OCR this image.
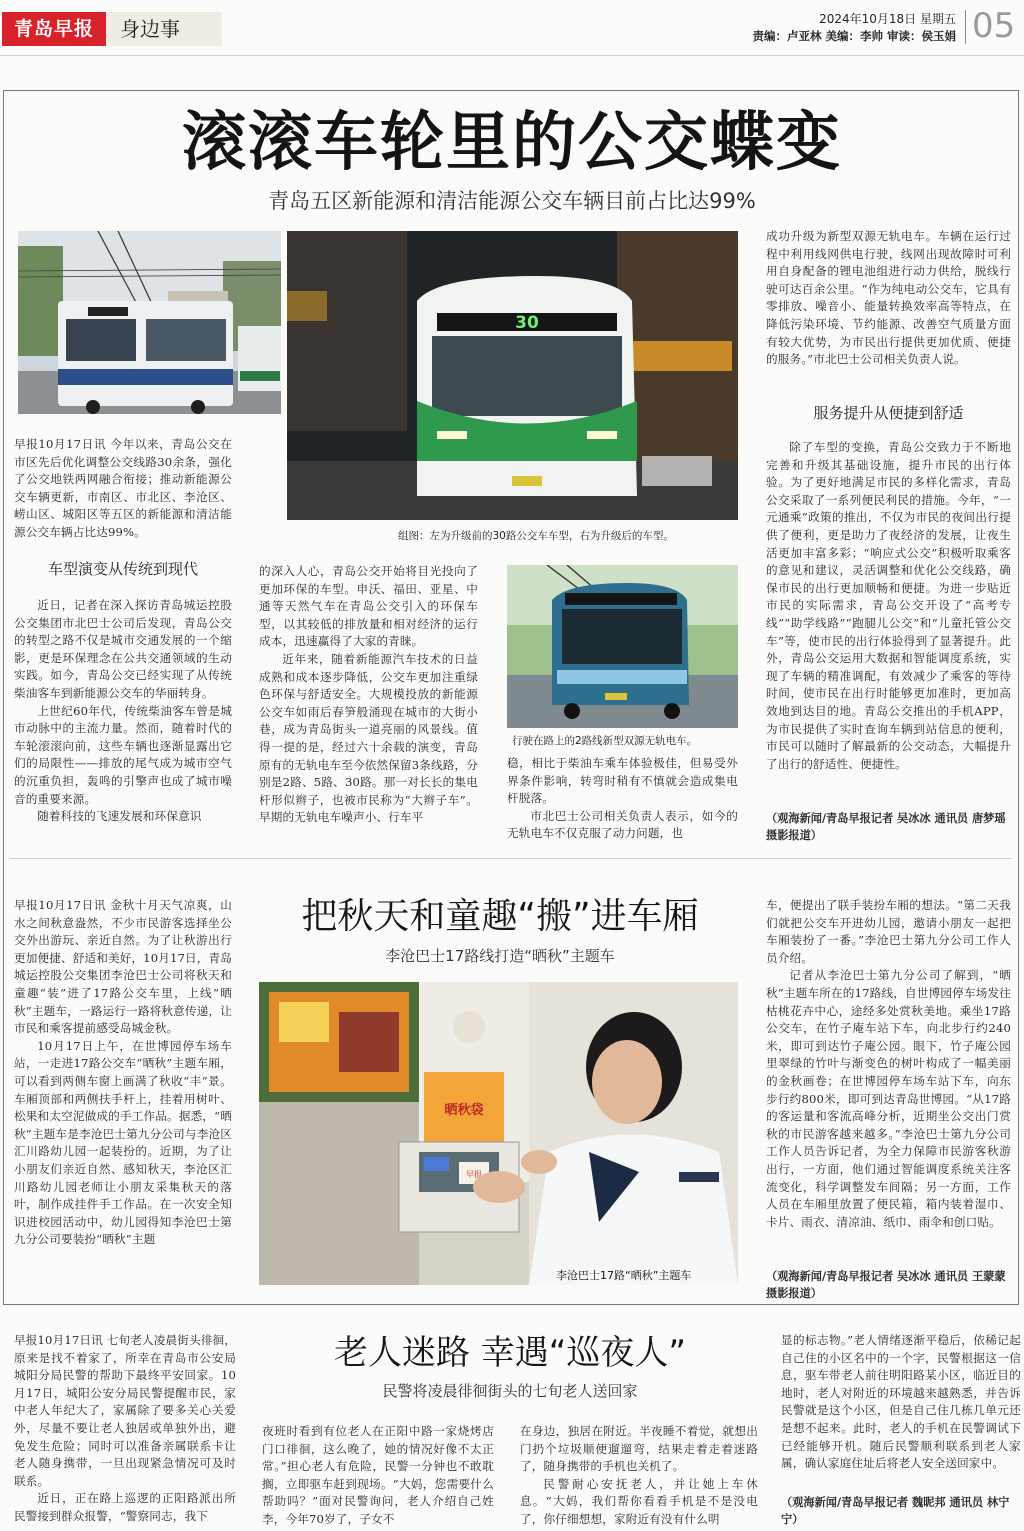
青岛早报	身边事	2024年10月18日 星期五
责编：卢亚林 美编：李帅 审读：侯玉娟 05
滚滚车轮里的公交蝶变
青岛五区新能源和清洁能源公交车辆目前占比达99%
30
组图：左为升级前的30路公交车车型，右为升级后的车型。

早报10月17日讯 今年以来，青岛公交在市区先后优化调整公交线路30余条，强化了公交地铁两网融合衔接；推动新能源公交车辆更新，市南区、市北区、李沧区、崂山区、城阳区等五区的新能源和清洁能源公交车辆占比达99%。

车型演变从传统到现代

近日，记者在深入探访青岛城运控股公交集团市北巴士公司后发现，青岛公交的转型之路不仅是城市交通发展的一个缩影，更是环保理念在公共交通领域的生动实践。如今，青岛公交已经实现了从传统柴油客车到新能源公交车的华丽转身。

上世纪60年代，传统柴油客车曾是城市动脉中的主流力量。然而，随着时代的车轮滚滚向前，这些车辆也逐渐显露出它们的局限性——排放的尾气成为城市空气的沉重负担，轰鸣的引擎声也成了城市噪音的重要来源。

随着科技的飞速发展和环保意识

的深入人心，青岛公交开始将目光投向了更加环保的车型。申沃、福田、亚星、中通等天然气车在青岛公交引入的环保车型，以其较低的排放量和相对经济的运行成本，迅速赢得了大家的青睐。

近年来，随着新能源汽车技术的日益成熟和成本逐步降低，公交车更加注重绿色环保与舒适安全。大规模投放的新能源公交车如雨后春笋般涌现在城市的大街小巷，成为青岛街头一道亮丽的风景线。值得一提的是，经过六十余载的演变，青岛原有的无轨电车至今依然保留3条线路，分别是2路、5路、30路。那一对长长的集电杆形似辫子，也被市民称为“大辫子车”。早期的无轨电车噪声小、行车平

行驶在路上的2路线新型双源无轨电车。

稳，相比于柴油车乘车体验极佳，但易受外界条件影响，转弯时稍有不慎就会造成集电杆脱落。

市北巴士公司相关负责人表示，如今的无轨电车不仅克服了动力问题，也

成功升级为新型双源无轨电车。车辆在运行过程中利用线网供电行驶，线网出现故障时可利用自身配备的锂电池组进行动力供给，脱线行驶可达百余公里。“作为纯电动公交车，它具有零排放、噪音小、能量转换效率高等特点，在降低污染环境、节约能源、改善空气质量方面有较大优势，为市民出行提供更加优质、便捷的服务。”市北巴士公司相关负责人说。

服务提升从便捷到舒适

除了车型的变换，青岛公交致力于不断地完善和升级其基础设施，提升市民的出行体验。为了更好地满足市民的多样化需求，青岛公交采取了一系列便民利民的措施。今年，“一元通乘”政策的推出，不仅为市民的夜间出行提供了便利，更是助力了夜经济的发展，让夜生活更加丰富多彩；“响应式公交”积极听取乘客的意见和建议，灵活调整和优化公交线路，确保市民的出行更加顺畅和便捷。为进一步贴近市民的实际需求，青岛公交开设了“高考专线”“助学线路”“跑腿儿公交”和“儿童托管公交车”等，使市民的出行体验得到了显著提升。此外，青岛公交运用大数据和智能调度系统，实现了车辆的精准调配，有效减少了乘客的等待时间，使市民在出行时能够更加准时，更加高效地到达目的地。青岛公交推出的手机APP，为市民提供了实时查询车辆到站信息的便利，市民可以随时了解最新的公交动态，大幅提升了出行的舒适性、便捷性。

（观海新闻/青岛早报记者 吴冰冰 通讯员 唐梦瑶 摄影报道）

早报10月17日讯 金秋十月天气凉爽，山水之间秋意盎然，不少市民游客选择坐公交外出游玩、亲近自然。为了让秋游出行更加便捷、舒适和美好，10月17日，青岛城运控股公交集团李沧巴士公司将秋天和童趣“装”进了17路公交车里，上线“晒秋”主题车，一路运行一路将秋意传递，让市民和乘客提前感受岛城金秋。

10月17日上午，在世博园停车场车站，一走进17路公交车“晒秋”主题车厢，可以看到两侧车窗上画满了秋收“丰”景。车厢顶部和两侧扶手杆上，挂着用树叶、松果和太空泥做成的手工作品。据悉，“晒秋”主题车是李沧巴士第九分公司与李沧区汇川路幼儿园一起装扮的。近期，为了让小朋友们亲近自然、感知秋天，李沧区汇川路幼儿园老师让小朋友采集秋天的落叶，制作成挂件手工作品。在一次安全知识进校园活动中，幼儿园得知李沧巴士第九分公司要装扮“晒秋”主题

把秋天和童趣“搬”进车厢
李沧巴士17路线打造“晒秋”主题车
晒秋袋
早报
李沧巴士17路“晒秋”主题车

车，便提出了联手装扮车厢的想法。“第二天我们就把公交车开进幼儿园，邀请小朋友一起把车厢装扮了一番。”李沧巴士第九分公司工作人员介绍。

记者从李沧巴士第九分公司了解到，“晒秋”主题车所在的17路线，自世博园停车场发往枯桃花卉中心，途经多处赏秋美地。乘坐17路公交车，在竹子庵车站下车，向北步行约240米，即可到达竹子庵公园。眼下，竹子庵公园里翠绿的竹叶与渐变色的树叶构成了一幅美丽的金秋画卷；在世博园停车场车站下车，向东步行约800米，即可到达青岛世博园。“从17路的客运量和客流高峰分析，近期坐公交出门赏秋的市民游客越来越多。”李沧巴士第九分公司工作人员告诉记者，为全力保障市民游客秋游出行，一方面，他们通过智能调度系统关注客流变化，科学调整发车间隔；另一方面，工作人员在车厢里放置了便民箱，箱内装着湿巾、卡片、雨衣、清凉油、纸巾、雨伞和创口贴。

（观海新闻/青岛早报记者 吴冰冰 通讯员 王蒙蒙 摄影报道）

早报10月17日讯 七旬老人凌晨街头徘徊，原来是找不着家了，所幸在青岛市公安局城阳分局民警的帮助下最终平安回家。10月17日，城阳公安分局民警提醒市民，家中老人年纪大了，家属除了要多关心关爱外，尽量不要让老人独居或单独外出，避免发生危险；同时可以准备亲属联系卡让老人随身携带，一旦出现紧急情况可及时联系。

近日，正在路上巡逻的正阳路派出所民警接到群众报警，“警察同志，我下

老人迷路 幸遇“巡夜人”
民警将凌晨徘徊街头的七旬老人送回家

夜班时看到有位老人在正阳中路一家烧烤店门口徘徊，这么晚了，她的情况好像不太正常。”担心老人有危险，民警一分钟也不敢耽搁，立即驱车赶到现场。“大妈，您需要什么帮助吗？”面对民警询问，老人介绍自己姓李，今年70岁了，子女不

在身边，独居在附近。半夜睡不着觉，就想出门扔个垃圾顺便遛遛弯，结果走着走着迷路了，随身携带的手机也关机了。

民警耐心安抚老人，并让她上车休息。“大妈，我们帮你看看手机是不是没电了，你仔细想想，家附近有没有什么明

显的标志物。”老人情绪逐渐平稳后，依稀记起自己住的小区名中的一个字，民警根据这一信息，驱车带老人前往明阳路某小区，临近目的地时，老人对附近的环境越来越熟悉，并告诉民警就是这个小区，但是自己住几栋几单元还是想不起来。此时，老人的手机在民警调试下已经能够开机。随后民警顺利联系到老人家属，确认家庭住址后将老人安全送回家中。

（观海新闻/青岛早报记者 魏昵邦 通讯员 林宁宁）
